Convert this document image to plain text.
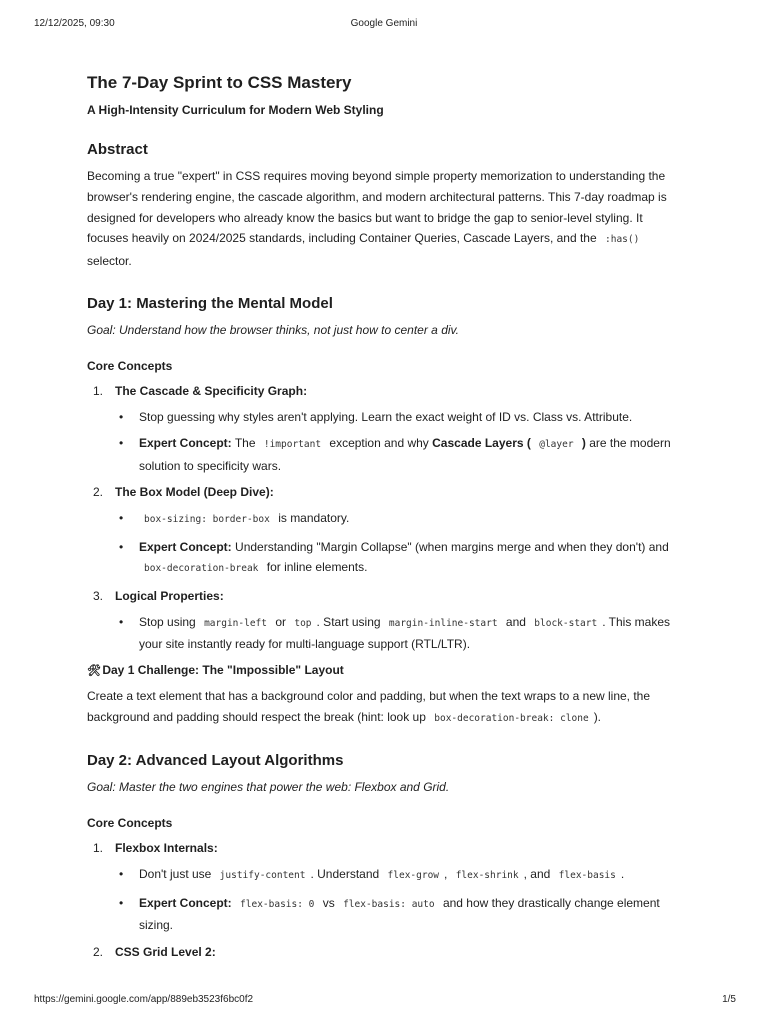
12/12/2025, 09:30	Google Gemini
The 7-Day Sprint to CSS Mastery
A High-Intensity Curriculum for Modern Web Styling
Abstract

Becoming a true "expert" in CSS requires moving beyond simple property memorization to understanding the browser's rendering engine, the cascade algorithm, and modern architectural patterns. This 7-day roadmap is designed for developers who already know the basics but want to bridge the gap to senior-level styling. It focuses heavily on 2024/2025 standards, including Container Queries, Cascade Layers, and the :has() selector.

Day 1: Mastering the Mental Model

Goal: Understand how the browser thinks, not just how to center a div.

Core Concepts
1. The Cascade & Specificity Graph:
• Stop guessing why styles aren't applying. Learn the exact weight of ID vs. Class vs. Attribute.
• Expert Concept: The !important exception and why Cascade Layers ( @layer ) are the modern solution to specificity wars.
2. The Box Model (Deep Dive):
• box-sizing: border-box is mandatory.
• Expert Concept: Understanding "Margin Collapse" (when margins merge and when they don't) and box-decoration-break for inline elements.
3. Logical Properties:
• Stop using margin-left or top . Start using margin-inline-start and block-start . This makes your site instantly ready for multi-language support (RTL/LTR).
🛠 Day 1 Challenge: The "Impossible" Layout

Create a text element that has a background color and padding, but when the text wraps to a new line, the background and padding should respect the break (hint: look up box-decoration-break: clone ).

Day 2: Advanced Layout Algorithms

Goal: Master the two engines that power the web: Flexbox and Grid.

Core Concepts
1. Flexbox Internals:
• Don't just use justify-content . Understand flex-grow , flex-shrink , and flex-basis .
• Expert Concept: flex-basis: 0 vs flex-basis: auto and how they drastically change element sizing.
2. CSS Grid Level 2:
https://gemini.google.com/app/889eb3523f6bc0f2	1/5
